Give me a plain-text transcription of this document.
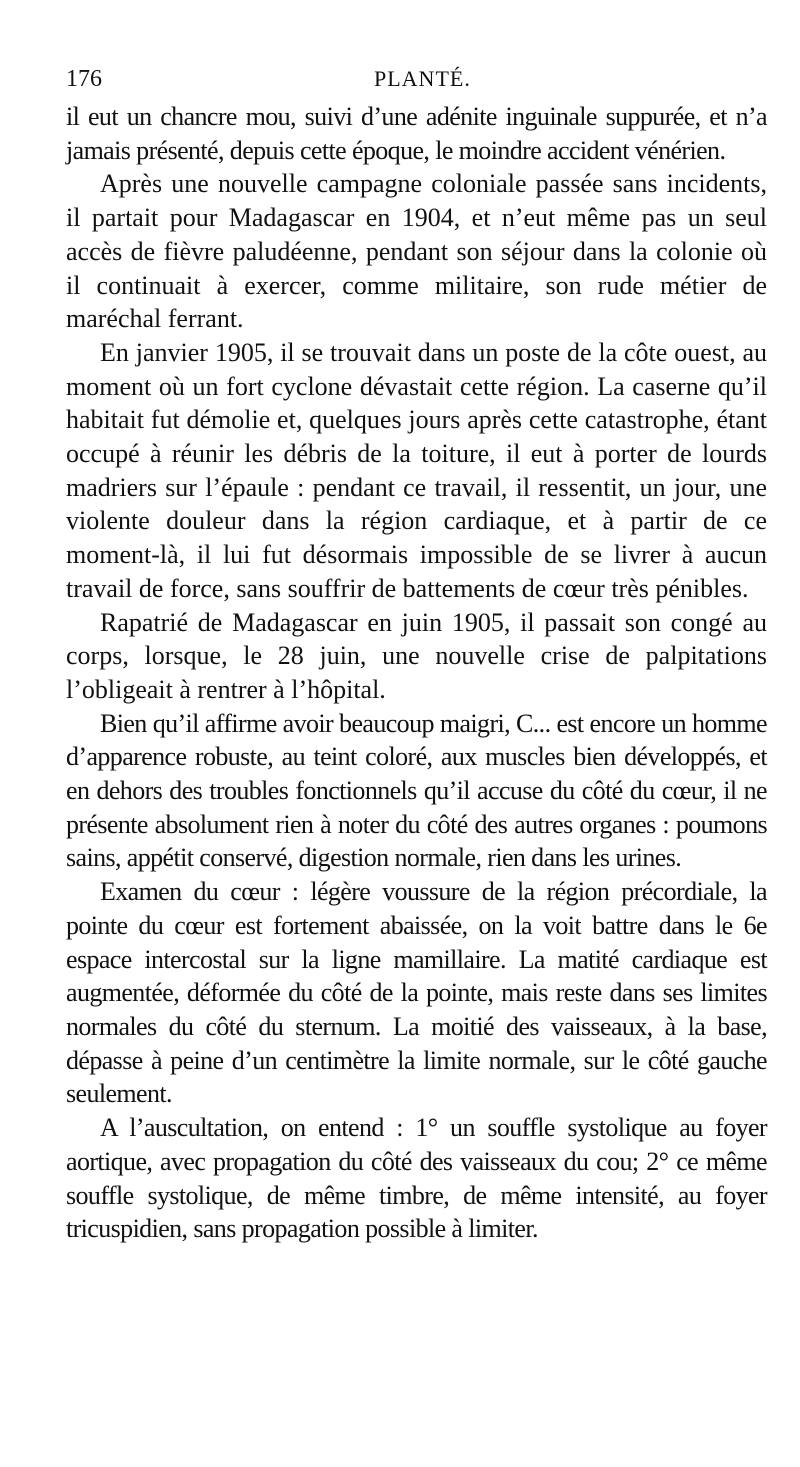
176	PLANTÉ.

il eut un chancre mou, suivi d’une adénite inguinale suppurée, et n’a jamais présenté, depuis cette époque, le moindre accident vénérien.

Après une nouvelle campagne coloniale passée sans incidents, il partait pour Madagascar en 1904, et n’eut même pas un seul accès de fièvre paludéenne, pendant son séjour dans la colonie où il continuait à exercer, comme militaire, son rude métier de maréchal ferrant.

En janvier 1905, il se trouvait dans un poste de la côte ouest, au moment où un fort cyclone dévastait cette région. La caserne qu’il habitait fut démolie et, quelques jours après cette catastrophe, étant occupé à réunir les débris de la toiture, il eut à porter de lourds madriers sur l’épaule : pendant ce travail, il ressentit, un jour, une violente douleur dans la région cardiaque, et à partir de ce moment-là, il lui fut désormais impossible de se livrer à aucun travail de force, sans souffrir de battements de cœur très pénibles.

Rapatrié de Madagascar en juin 1905, il passait son congé au corps, lorsque, le 28 juin, une nouvelle crise de palpitations l’obligeait à rentrer à l’hôpital.

Bien qu’il affirme avoir beaucoup maigri, C... est encore un homme d’apparence robuste, au teint coloré, aux muscles bien développés, et en dehors des troubles fonctionnels qu’il accuse du côté du cœur, il ne présente absolument rien à noter du côté des autres organes : poumons sains, appétit conservé, digestion normale, rien dans les urines.

Examen du cœur : légère voussure de la région précordiale, la pointe du cœur est fortement abaissée, on la voit battre dans le 6e espace intercostal sur la ligne mamillaire. La matité cardiaque est augmentée, déformée du côté de la pointe, mais reste dans ses limites normales du côté du sternum. La moitié des vaisseaux, à la base, dépasse à peine d’un centimètre la limite normale, sur le côté gauche seulement.

A l’auscultation, on entend : 1° un souffle systolique au foyer aortique, avec propagation du côté des vaisseaux du cou; 2° ce même souffle systolique, de même timbre, de même intensité, au foyer tricuspidien, sans propagation possible à limiter.
